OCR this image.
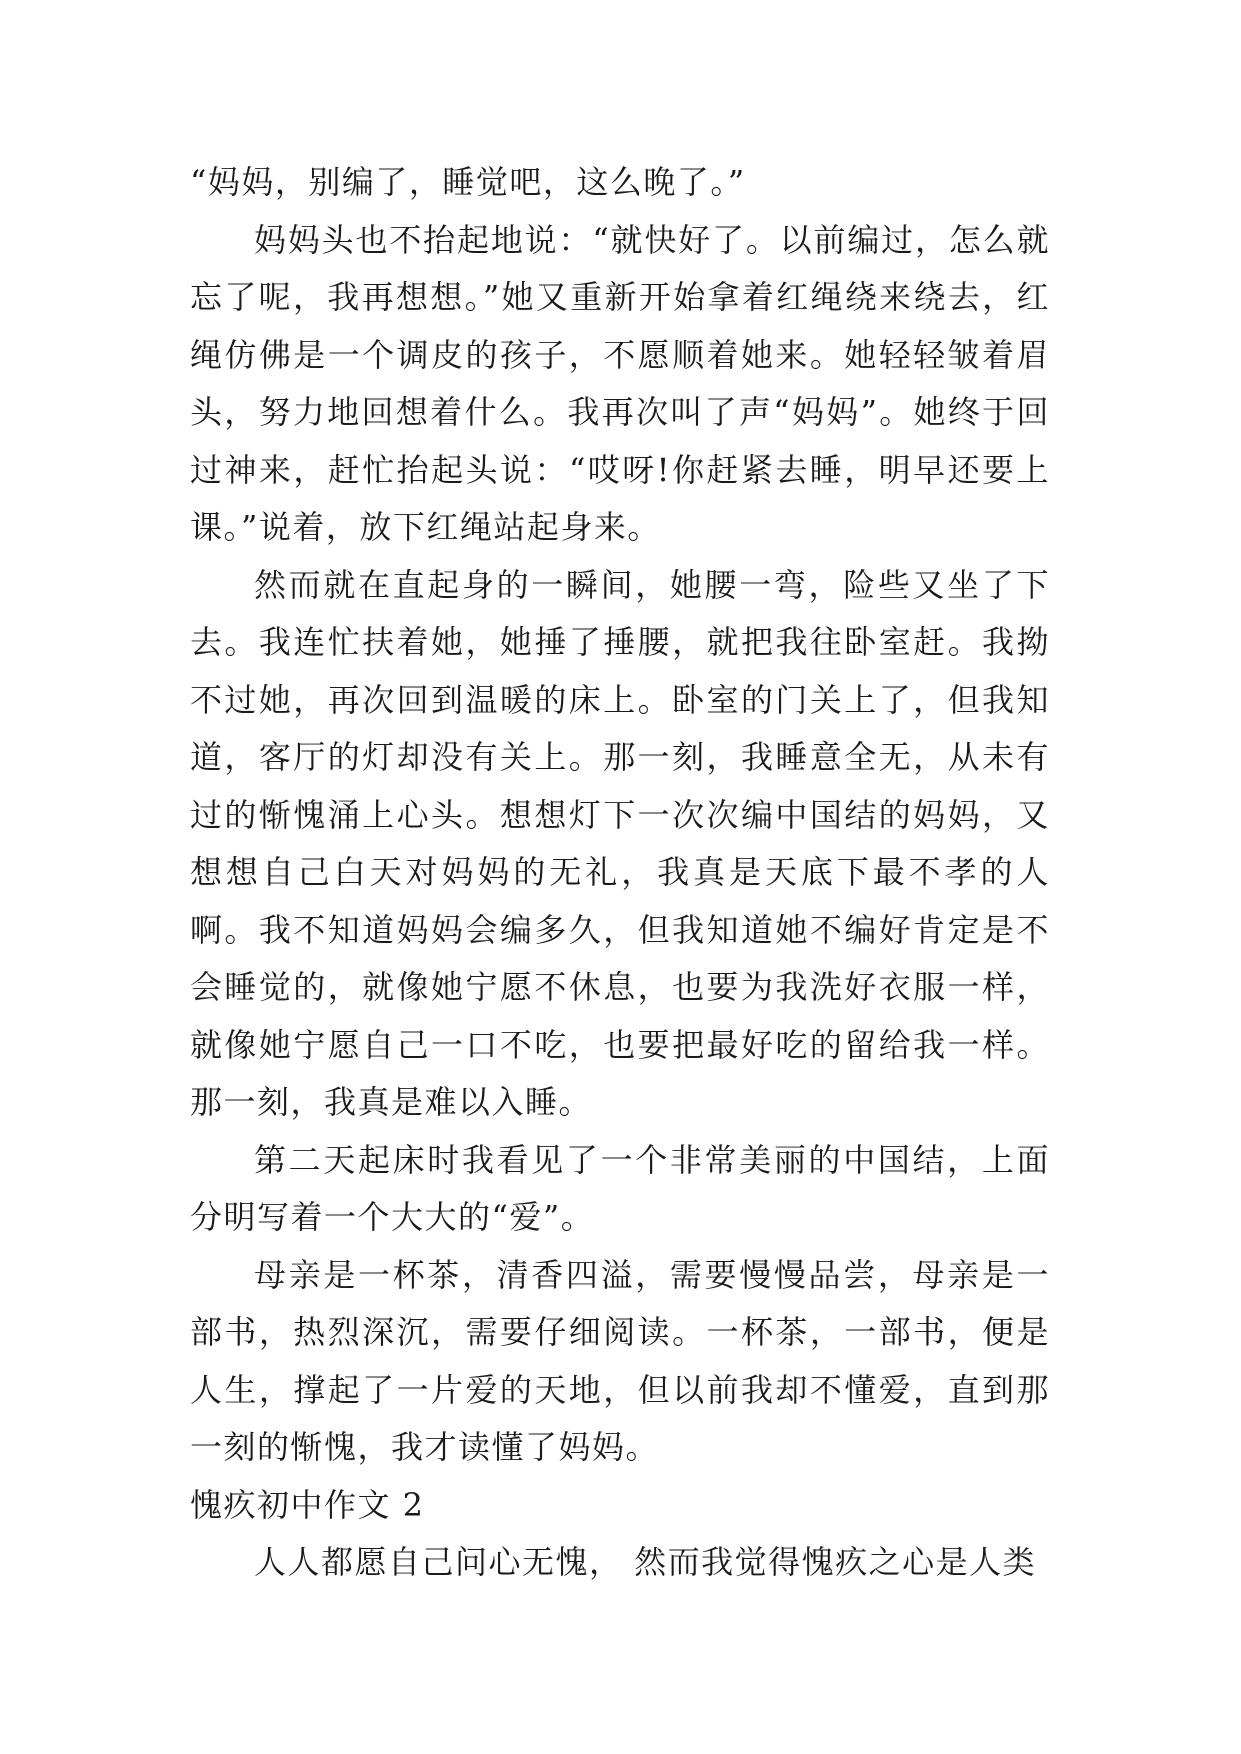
“妈妈，别编了，睡觉吧，这么晚了。”

妈妈头也不抬起地说：“就快好了。以前编过，怎么就忘了呢，我再想想。”她又重新开始拿着红绳绕来绕去，红绳仿佛是一个调皮的孩子，不愿顺着她来。她轻轻皱着眉头，努力地回想着什么。我再次叫了声“妈妈”。她终于回过神来，赶忙抬起头说：“哎呀!你赶紧去睡，明早还要上课。”说着，放下红绳站起身来。

然而就在直起身的一瞬间，她腰一弯，险些又坐了下去。我连忙扶着她，她捶了捶腰，就把我往卧室赶。我拗不过她，再次回到温暖的床上。卧室的门关上了，但我知道，客厅的灯却没有关上。那一刻，我睡意全无，从未有过的惭愧涌上心头。想想灯下一次次编中国结的妈妈，又想想自己白天对妈妈的无礼，我真是天底下最不孝的人啊。我不知道妈妈会编多久，但我知道她不编好肯定是不会睡觉的，就像她宁愿不休息，也要为我洗好衣服一样，就像她宁愿自己一口不吃，也要把最好吃的留给我一样。那一刻，我真是难以入睡。

第二天起床时我看见了一个非常美丽的中国结，上面分明写着一个大大的“爱”。

母亲是一杯茶，清香四溢，需要慢慢品尝，母亲是一部书，热烈深沉，需要仔细阅读。一杯茶，一部书，便是人生，撑起了一片爱的天地，但以前我却不懂爱，直到那一刻的惭愧，我才读懂了妈妈。

愧疚初中作文 2

人人都愿自己问心无愧， 然而我觉得愧疚之心是人类
